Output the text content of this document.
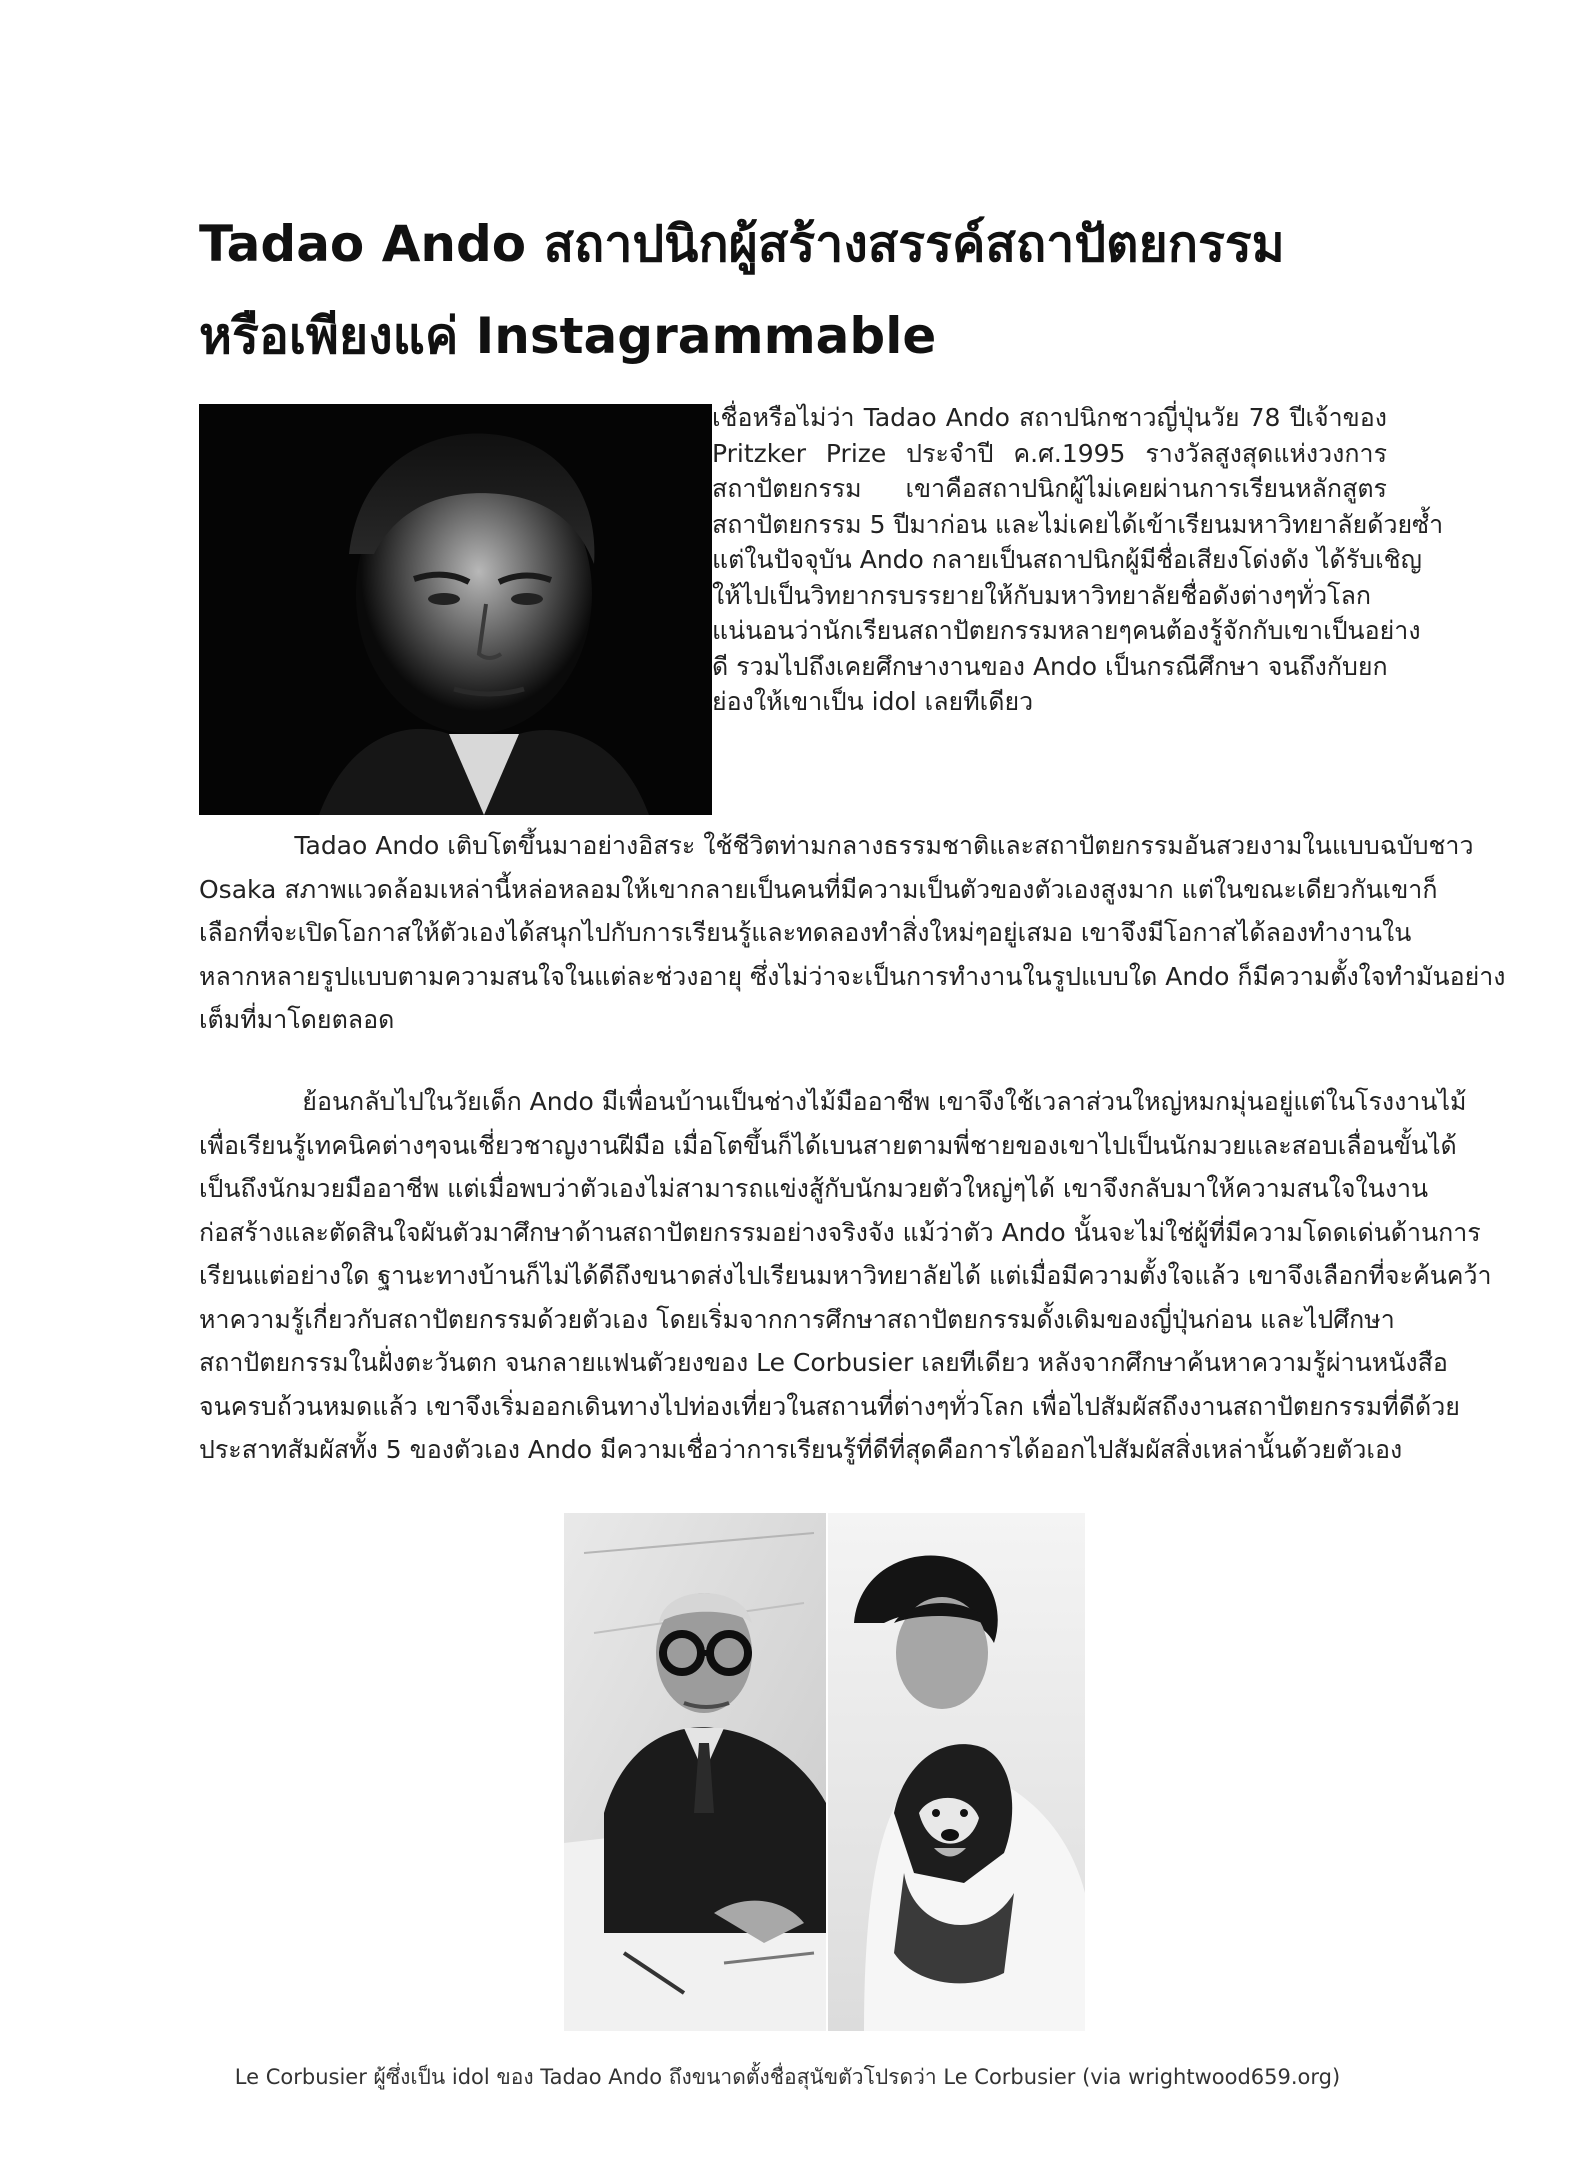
Tadao Ando สถาปนิกผู้สร้างสรรค์สถาปัตยกรรม
หรือเพียงแค่ Instagrammable
เชื่อหรือไม่ว่า Tadao Ando สถาปนิกชาวญี่ปุ่นวัย 78 ปีเจ้าของ
Pritzker Prize ประจำปี ค.ศ.1995 รางวัลสูงสุดแห่งวงการ
สถาปัตยกรรม เขาคือสถาปนิกผู้ไม่เคยผ่านการเรียนหลักสูตร
สถาปัตยกรรม 5 ปีมาก่อน และไม่เคยได้เข้าเรียนมหาวิทยาลัยด้วยซ้ำ
แต่ในปัจจุบัน Ando กลายเป็นสถาปนิกผู้มีชื่อเสียงโด่งดัง ได้รับเชิญ
ให้ไปเป็นวิทยากรบรรยายให้กับมหาวิทยาลัยชื่อดังต่างๆทั่วโลก
แน่นอนว่านักเรียนสถาปัตยกรรมหลายๆคนต้องรู้จักกับเขาเป็นอย่าง
ดี รวมไปถึงเคยศึกษางานของ Ando เป็นกรณีศึกษา จนถึงกับยก
ย่องให้เขาเป็น idol เลยทีเดียว
Tadao Ando เติบโตขึ้นมาอย่างอิสระ ใช้ชีวิตท่ามกลางธรรมชาติและสถาปัตยกรรมอันสวยงามในแบบฉบับชาว
Osaka สภาพแวดล้อมเหล่านี้หล่อหลอมให้เขากลายเป็นคนที่มีความเป็นตัวของตัวเองสูงมาก แต่ในขณะเดียวกันเขาก็
เลือกที่จะเปิดโอกาสให้ตัวเองได้สนุกไปกับการเรียนรู้และทดลองทำสิ่งใหม่ๆอยู่เสมอ เขาจึงมีโอกาสได้ลองทำงานใน
หลากหลายรูปแบบตามความสนใจในแต่ละช่วงอายุ ซึ่งไม่ว่าจะเป็นการทำงานในรูปแบบใด Ando ก็มีความตั้งใจทำมันอย่าง
เต็มที่มาโดยตลอด
ย้อนกลับไปในวัยเด็ก Ando มีเพื่อนบ้านเป็นช่างไม้มืออาชีพ เขาจึงใช้เวลาส่วนใหญ่หมกมุ่นอยู่แต่ในโรงงานไม้
เพื่อเรียนรู้เทคนิคต่างๆจนเชี่ยวชาญงานฝีมือ เมื่อโตขึ้นก็ได้เบนสายตามพี่ชายของเขาไปเป็นนักมวยและสอบเลื่อนขั้นได้
เป็นถึงนักมวยมืออาชีพ แต่เมื่อพบว่าตัวเองไม่สามารถแข่งสู้กับนักมวยตัวใหญ่ๆได้ เขาจึงกลับมาให้ความสนใจในงาน
ก่อสร้างและตัดสินใจผันตัวมาศึกษาด้านสถาปัตยกรรมอย่างจริงจัง แม้ว่าตัว Ando นั้นจะไม่ใช่ผู้ที่มีความโดดเด่นด้านการ
เรียนแต่อย่างใด ฐานะทางบ้านก็ไม่ได้ดีถึงขนาดส่งไปเรียนมหาวิทยาลัยได้ แต่เมื่อมีความตั้งใจแล้ว เขาจึงเลือกที่จะค้นคว้า
หาความรู้เกี่ยวกับสถาปัตยกรรมด้วยตัวเอง โดยเริ่มจากการศึกษาสถาปัตยกรรมดั้งเดิมของญี่ปุ่นก่อน และไปศึกษา
สถาปัตยกรรมในฝั่งตะวันตก จนกลายแฟนตัวยงของ Le Corbusier เลยทีเดียว หลังจากศึกษาค้นหาความรู้ผ่านหนังสือ
จนครบถ้วนหมดแล้ว เขาจึงเริ่มออกเดินทางไปท่องเที่ยวในสถานที่ต่างๆทั่วโลก เพื่อไปสัมผัสถึงงานสถาปัตยกรรมที่ดีด้วย
ประสาทสัมผัสทั้ง 5 ของตัวเอง Ando มีความเชื่อว่าการเรียนรู้ที่ดีที่สุดคือการได้ออกไปสัมผัสสิ่งเหล่านั้นด้วยตัวเอง
Le Corbusier ผู้ซึ่งเป็น idol ของ Tadao Ando ถึงขนาดตั้งชื่อสุนัขตัวโปรดว่า Le Corbusier (via wrightwood659.org)
